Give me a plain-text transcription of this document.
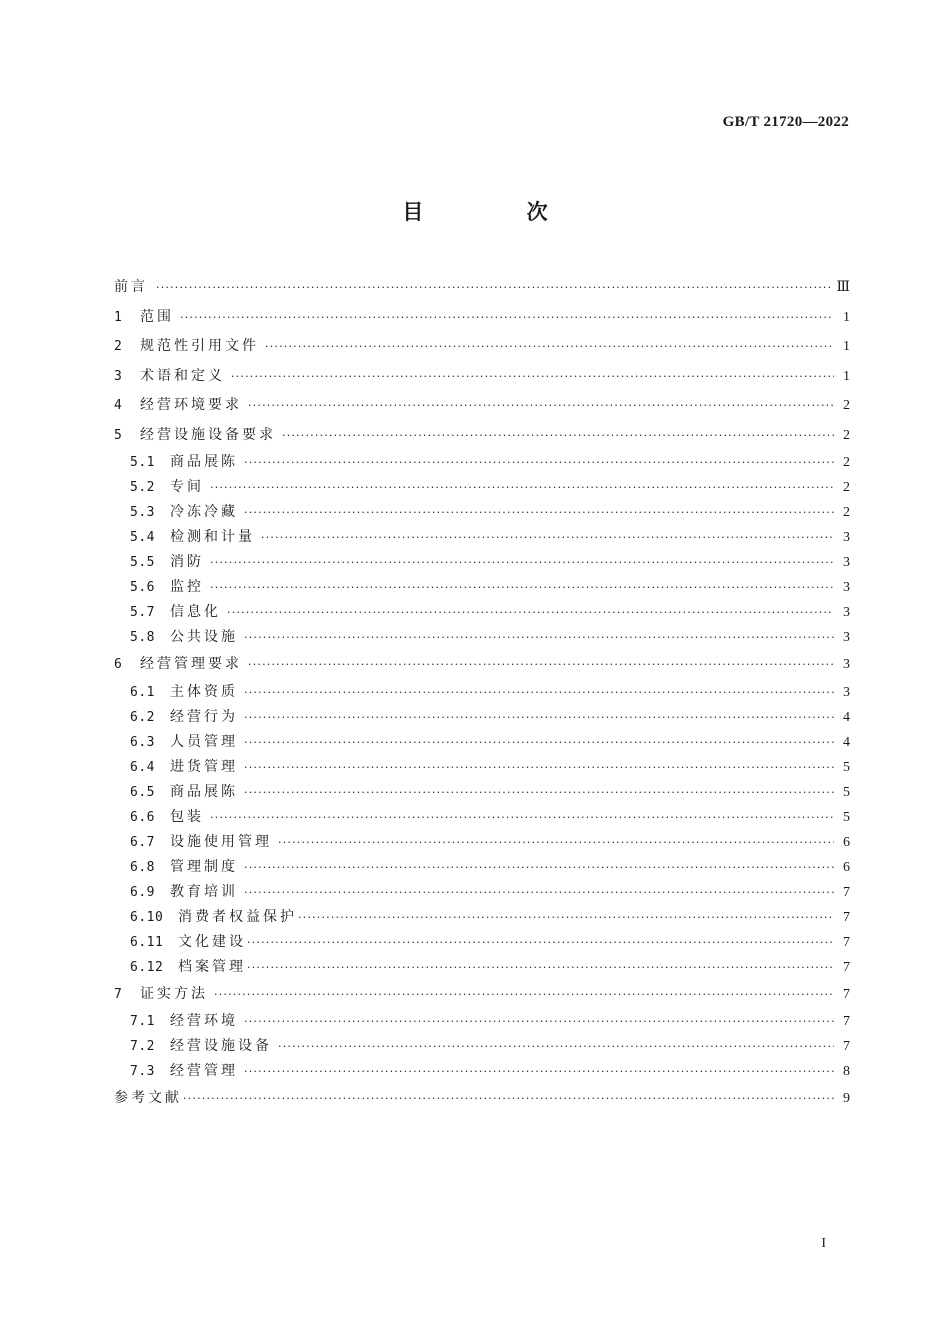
GB/T 21720—2022
目 次
前言 ·····	Ⅲ
1	范围 ·····	1
2	规范性引用文件 ·····	1
3	术语和定义 ·····	1
4	经营环境要求 ·····	2
5	经营设施设备要求 ·····	2
5.1	商品展陈 ·····	2
5.2	专间 ·····	2
5.3	冷冻冷藏 ·····	2
5.4	检测和计量 ·····	3
5.5	消防 ·····	3
5.6	监控 ·····	3
5.7	信息化 ·····	3
5.8	公共设施 ·····	3
6	经营管理要求 ·····	3
6.1	主体资质 ·····	3
6.2	经营行为 ·····	4
6.3	人员管理 ·····	4
6.4	进货管理 ·····	5
6.5	商品展陈 ·····	5
6.6	包装 ·····	5
6.7	设施使用管理 ·····	6
6.8	管理制度 ·····	6
6.9	教育培训 ·····	7
6.10	消费者权益保护 ·····	7
6.11	文化建设 ·····	7
6.12	档案管理 ·····	7
7	证实方法 ·····	7
7.1	经营环境 ·····	7
7.2	经营设施设备 ·····	7
7.3	经营管理 ·····	8
参考文献 ·····	9
I
